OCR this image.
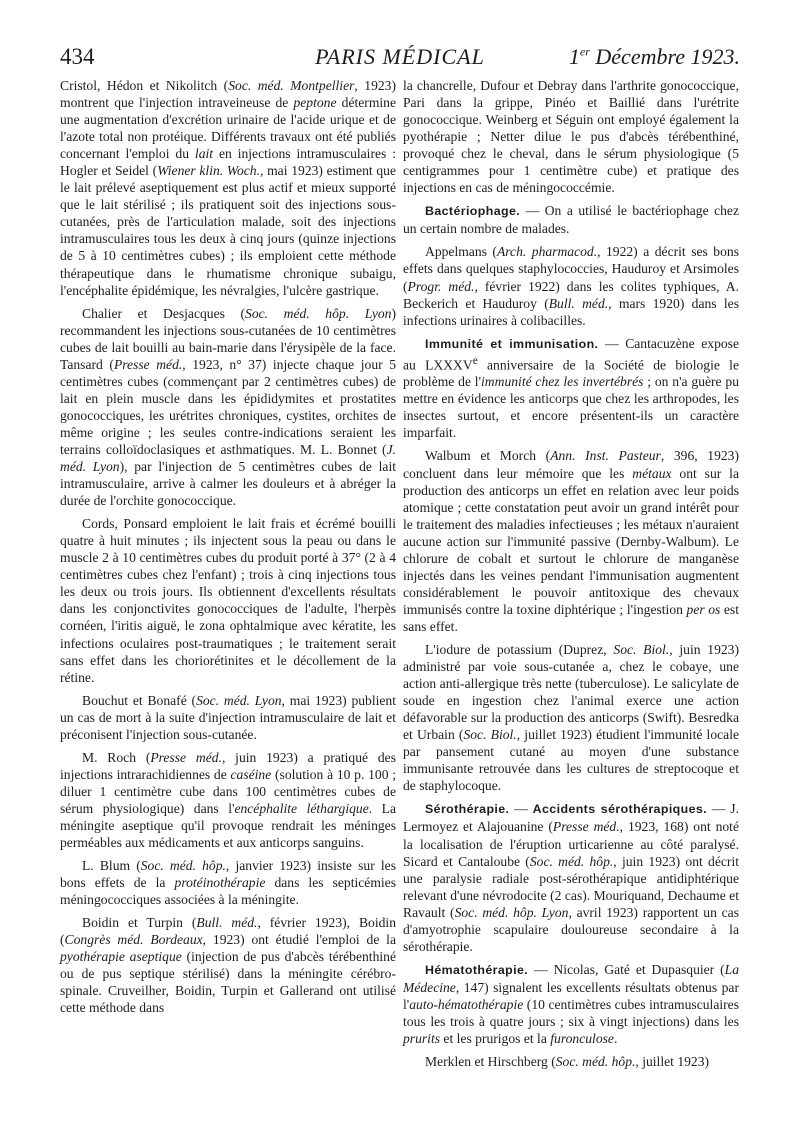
434	PARIS MÉDICAL	1er Décembre 1923.

Cristol, Hédon et Nikolitch (Soc. méd. Montpellier, 1923) montrent que l'injection intraveineuse de peptone détermine une augmentation d'excrétion urinaire de l'acide urique et de l'azote total non protéique. Différents travaux ont été publiés concernant l'emploi du lait en injections intramusculaires : Hogler et Seidel (Wiener klin. Woch., mai 1923) estiment que le lait prélevé aseptiquement est plus actif et mieux supporté que le lait stérilisé ; ils pratiquent soit des injections sous-cutanées, près de l'articulation malade, soit des injections intramusculaires tous les deux à cinq jours (quinze injections de 5 à 10 centimètres cubes) ; ils emploient cette méthode thérapeutique dans le rhumatisme chronique subaigu, l'encéphalite épidémique, les névralgies, l'ulcère gastrique.

Chalier et Desjacques (Soc. méd. hôp. Lyon) recommandent les injections sous-cutanées de 10 centimètres cubes de lait bouilli au bain-marie dans l'érysipèle de la face. Tansard (Presse méd., 1923, n° 37) injecte chaque jour 5 centimètres cubes (commençant par 2 centimètres cubes) de lait en plein muscle dans les épididymites et prostatites gonococciques, les urétrites chroniques, cystites, orchites de même origine ; les seules contre-indications seraient les terrains colloïdoclasiques et asthmatiques. M. L. Bonnet (J. méd. Lyon), par l'injection de 5 centimètres cubes de lait intramusculaire, arrive à calmer les douleurs et à abréger la durée de l'orchite gonococcique.

Cords, Ponsard emploient le lait frais et écrémé bouilli quatre à huit minutes ; ils injectent sous la peau ou dans le muscle 2 à 10 centimètres cubes du produit porté à 37° (2 à 4 centimètres cubes chez l'enfant) ; trois à cinq injections tous les deux ou trois jours. Ils obtiennent d'excellents résultats dans les conjonctivites gonococciques de l'adulte, l'herpès cornéen, l'iritis aiguë, le zona ophtalmique avec kératite, les infections oculaires post-traumatiques ; le traitement serait sans effet dans les choriorétinites et le décollement de la rétine.

Bouchut et Bonafé (Soc. méd. Lyon, mai 1923) publient un cas de mort à la suite d'injection intramusculaire de lait et préconisent l'injection sous-cutanée.

M. Roch (Presse méd., juin 1923) a pratiqué des injections intrarachidiennes de caséine (solution à 10 p. 100 ; diluer 1 centimètre cube dans 100 centimètres cubes de sérum physiologique) dans l'encéphalite léthargique. La méningite aseptique qu'il provoque rendrait les méninges perméables aux médicaments et aux anticorps sanguins.

L. Blum (Soc. méd. hôp., janvier 1923) insiste sur les bons effets de la protéinothérapie dans les septicémies méningococciques associées à la méningite.

Boidin et Turpin (Bull. méd., février 1923), Boidin (Congrès méd. Bordeaux, 1923) ont étudié l'emploi de la pyothérapie aseptique (injection de pus d'abcès térébenthiné ou de pus septique stérilisé) dans la méningite cérébro-spinale. Cruveilher, Boidin, Turpin et Gallerand ont utilisé cette méthode dans

la chancrelle, Dufour et Debray dans l'arthrite gonococcique, Pari dans la grippe, Pinéo et Baillié dans l'urétrite gonococcique. Weinberg et Séguin ont employé également la pyothérapie ; Netter dilue le pus d'abcès térébenthiné, provoqué chez le cheval, dans le sérum physiologique (5 centigrammes pour 1 centimètre cube) et pratique des injections en cas de méningococcémie.

Bactériophage. — On a utilisé le bactériophage chez un certain nombre de malades.

Appelmans (Arch. pharmacod., 1922) a décrit ses bons effets dans quelques staphylococcies, Hauduroy et Arsimoles (Progr. méd., février 1922) dans les colites typhiques, A. Beckerich et Hauduroy (Bull. méd., mars 1920) dans les infections urinaires à colibacilles.

Immunité et immunisation. — Cantacuzène expose au LXXXVe anniversaire de la Société de biologie le problème de l'immunité chez les invertébrés ; on n'a guère pu mettre en évidence les anticorps que chez les arthropodes, les insectes surtout, et encore présentent-ils un caractère imparfait.

Walbum et Morch (Ann. Inst. Pasteur, 396, 1923) concluent dans leur mémoire que les métaux ont sur la production des anticorps un effet en relation avec leur poids atomique ; cette constatation peut avoir un grand intérêt pour le traitement des maladies infectieuses ; les métaux n'auraient aucune action sur l'immunité passive (Dernby-Walbum). Le chlorure de cobalt et surtout le chlorure de manganèse injectés dans les veines pendant l'immunisation augmentent considérablement le pouvoir antitoxique des chevaux immunisés contre la toxine diphtérique ; l'ingestion per os est sans effet.

L'iodure de potassium (Duprez, Soc. Biol., juin 1923) administré par voie sous-cutanée a, chez le cobaye, une action anti-allergique très nette (tuberculose). Le salicylate de soude en ingestion chez l'animal exerce une action défavorable sur la production des anticorps (Swift). Besredka et Urbain (Soc. Biol., juillet 1923) étudient l'immunité locale par pansement cutané au moyen d'une substance immunisante retrouvée dans les cultures de streptocoque et de staphylocoque.

Sérothérapie. — Accidents sérothérapiques. — J. Lermoyez et Alajouanine (Presse méd., 1923, 168) ont noté la localisation de l'éruption urticarienne au côté paralysé. Sicard et Cantaloube (Soc. méd. hôp., juin 1923) ont décrit une paralysie radiale post-sérothérapique antidiphtérique relevant d'une névrodocite (2 cas). Mouriquand, Dechaume et Ravault (Soc. méd. hôp. Lyon, avril 1923) rapportent un cas d'amyotrophie scapulaire douloureuse secondaire à la sérothérapie.

Hématothérapie. — Nicolas, Gaté et Dupasquier (La Médecine, 147) signalent les excellents résultats obtenus par l'auto-hématothérapie (10 centimètres cubes intramusculaires tous les trois à quatre jours ; six à vingt injections) dans les prurits et les prurigos et la furonculose.

Merklen et Hirschberg (Soc. méd. hôp., juillet 1923)
